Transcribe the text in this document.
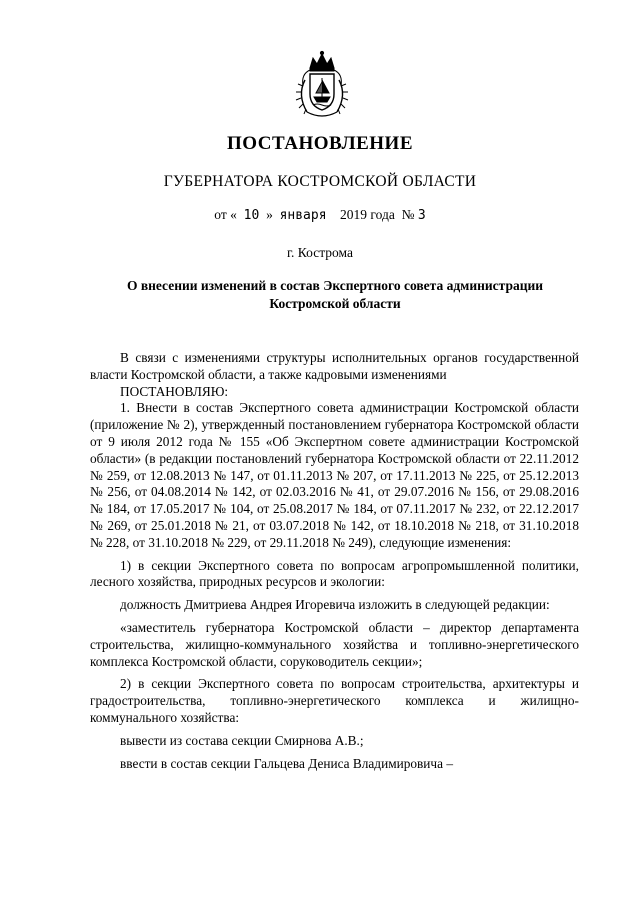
ПОСТАНОВЛЕНИЕ
ГУБЕРНАТОРА КОСТРОМСКОЙ ОБЛАСТИ
от « 10 » января 2019 года № 3
г. Кострома
О внесении изменений в состав Экспертного совета администрации Костромской области

В связи с изменениями структуры исполнительных органов государственной власти Костромской области, а также кадровыми изменениями

ПОСТАНОВЛЯЮ:

1. Внести в состав Экспертного совета администрации Костромской области (приложение № 2), утвержденный постановлением губернатора Костромской области от 9 июля 2012 года № 155 «Об Экспертном совете администрации Костромской области» (в редакции постановлений губернатора Костромской области от 22.11.2012 № 259, от 12.08.2013 № 147, от 01.11.2013 № 207, от 17.11.2013 № 225, от 25.12.2013 № 256, от 04.08.2014 № 142, от 02.03.2016 № 41, от 29.07.2016 № 156, от 29.08.2016 № 184, от 17.05.2017 № 104, от 25.08.2017 № 184, от 07.11.2017 № 232, от 22.12.2017 № 269, от 25.01.2018 № 21, от 03.07.2018 № 142, от 18.10.2018 № 218, от 31.10.2018 № 228, от 31.10.2018 № 229, от 29.11.2018 № 249), следующие изменения:

1) в секции Экспертного совета по вопросам агропромышленной политики, лесного хозяйства, природных ресурсов и экологии:

должность Дмитриева Андрея Игоревича изложить в следующей редакции:

«заместитель губернатора Костромской области – директор департамента строительства, жилищно-коммунального хозяйства и топливно-энергетического комплекса Костромской области, соруководитель секции»;

2) в секции Экспертного совета по вопросам строительства, архитектуры и градостроительства, топливно-энергетического комплекса и жилищно-коммунального хозяйства:

вывести из состава секции Смирнова А.В.;

ввести в состав секции Гальцева Дениса Владимировича –
